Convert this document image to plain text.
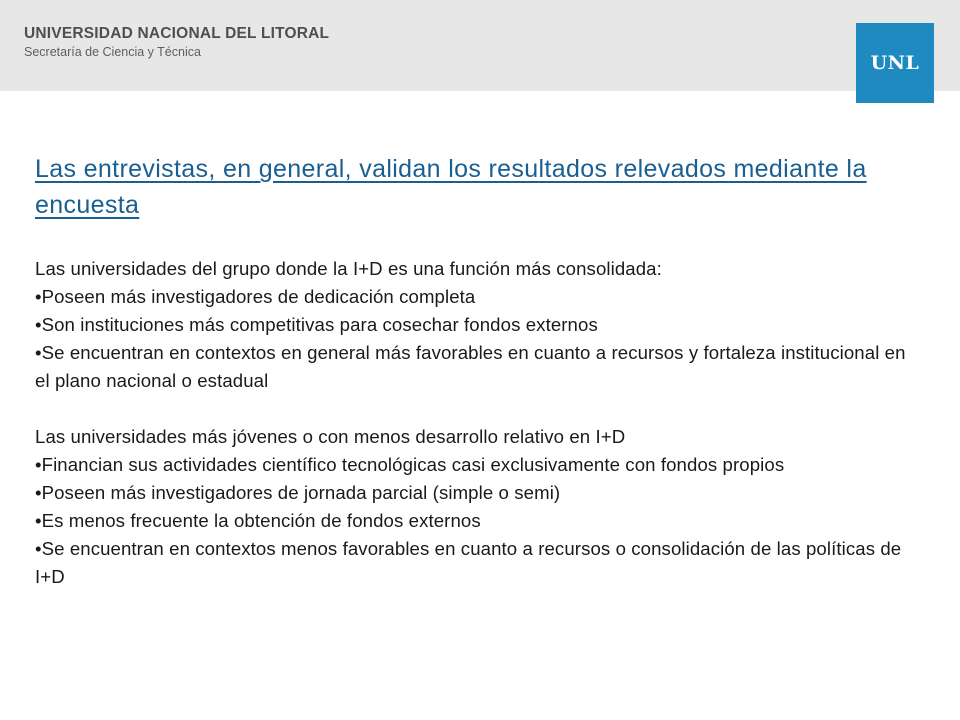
UNIVERSIDAD NACIONAL DEL LITORAL
Secretaría de Ciencia y Técnica	UNL
Las entrevistas, en general, validan los resultados relevados mediante la encuesta

Las universidades del grupo donde la I+D es una función más consolidada:

•Poseen más investigadores de dedicación completa

•Son instituciones más competitivas para cosechar fondos externos

•Se encuentran en contextos en general más favorables en cuanto a recursos y fortaleza institucional en el plano nacional o estadual

Las universidades más jóvenes o con menos desarrollo relativo en I+D

•Financian sus actividades científico tecnológicas casi exclusivamente con fondos propios

•Poseen más investigadores de jornada parcial (simple o semi)

•Es menos frecuente la obtención de fondos externos

•Se encuentran en contextos menos favorables en cuanto a recursos o consolidación de las políticas de I+D
